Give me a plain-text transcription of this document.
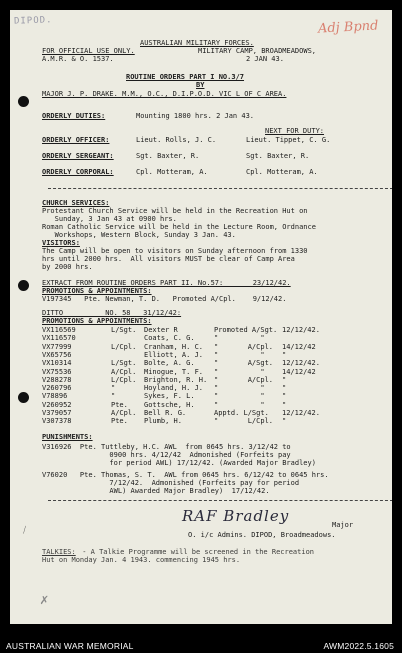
DIPOD.	Adj Bpnd
AUSTRALIAN MILITARY FORCES.
FOR OFFICIAL USE ONLY.	MILITARY CAMP, BROADMEADOWS,
A.M.R. & O. 1537.	2 JAN 43.
ROUTINE ORDERS PART I NO.3/7
BY
MAJOR J. P. DRAKE. M.M., O.C., D.I.P.O.D. VIC L OF C AREA.
ORDERLY DUTIES:	Mounting 1800 hrs. 2 Jan 43.
NEXT FOR DUTY:
ORDERLY OFFICER:	Lieut. Rolls, J. C.	Lieut. Tippet, C. G.
ORDERLY SERGEANT:	Sgt. Baxter, R.	Sgt. Baxter, R.
ORDERLY CORPORAL:	Cpl. Motteram, A.	Cpl. Motteram, A.
CHURCH SERVICES:
Protestant Church Service will be held in the Recreation Hut on
Sunday, 3 Jan 43 at 0900 hrs.
Roman Catholic Service will be held in the Lecture Room, Ordnance
Workshops, Western Block, Sunday 3 Jan. 43.
VISITORS:
The Camp will be open to visitors on Sunday afternoon from 1330
hrs until 2000 hrs.  All visitors MUST be clear of Camp Area
by 2000 hrs.
EXTRACT FROM ROUTINE ORDERS PART II. No.57:       23/12/42.
PROMOTIONS & APPOINTMENTS:
V197345   Pte. Newman, T. D.   Promoted A/Cpl.    9/12/42.
DITTO          NO. 58   31/12/42:
PROMOTIONS & APPOINTMENTS:
VX116569	L/Sgt. Dexter R	Promoted A/Sgt. 12/12/42.
VX116570	Coats, C. G.	"          "
VX77999	L/Cpl. Cranham, H. C. "       A/Cpl. 14/12/42
VX65756	Elliott, A. J. "          " "
VX10314	L/Sgt. Bolte, A. G.	"       A/Sgt. 12/12/42.
VX75536	A/Cpl. Minogue, T. F. "          " 14/12/42
V288278	L/Cpl. Brighton, R. H. "       A/Cpl. "
V260796	"	Hoyland, H. J. "          " "
V78896	"	Sykes, F. L.	"          " "
V260952	Pte. Gottsche, H.	"          " "
V379057	A/Cpl. Bell R. G.	Apptd. L/Sgt. 12/12/42.
V307378	Pte. Plumb, H.	"       L/Cpl. "
PUNISHMENTS:
V316926  Pte. Tuttleby, H.C. AWL  from 0645 hrs. 3/12/42 to
0900 hrs. 4/12/42  Admonished (Forfeits pay
for period AWL) 17/12/42. (Awarded Major Bradley)
V76020   Pte. Thomas, S. T.  AWL from 0645 hrs. 6/12/42 to 0645 hrs.
7/12/42.  Admonished (Forfeits pay for period
AWL) Awarded Major Bradley)  17/12/42.
RAF Bradley	Major
O. i/c Admins. DIPOD, Broadmeadows.
⁄
TALKIES: - A Talkie Programme will be screened in the Recreation
Hut on Monday Jan. 4 1943. commencing 1945 hrs.
✗
AUSTRALIAN WAR MEMORIAL	AWM2022.5.1605
